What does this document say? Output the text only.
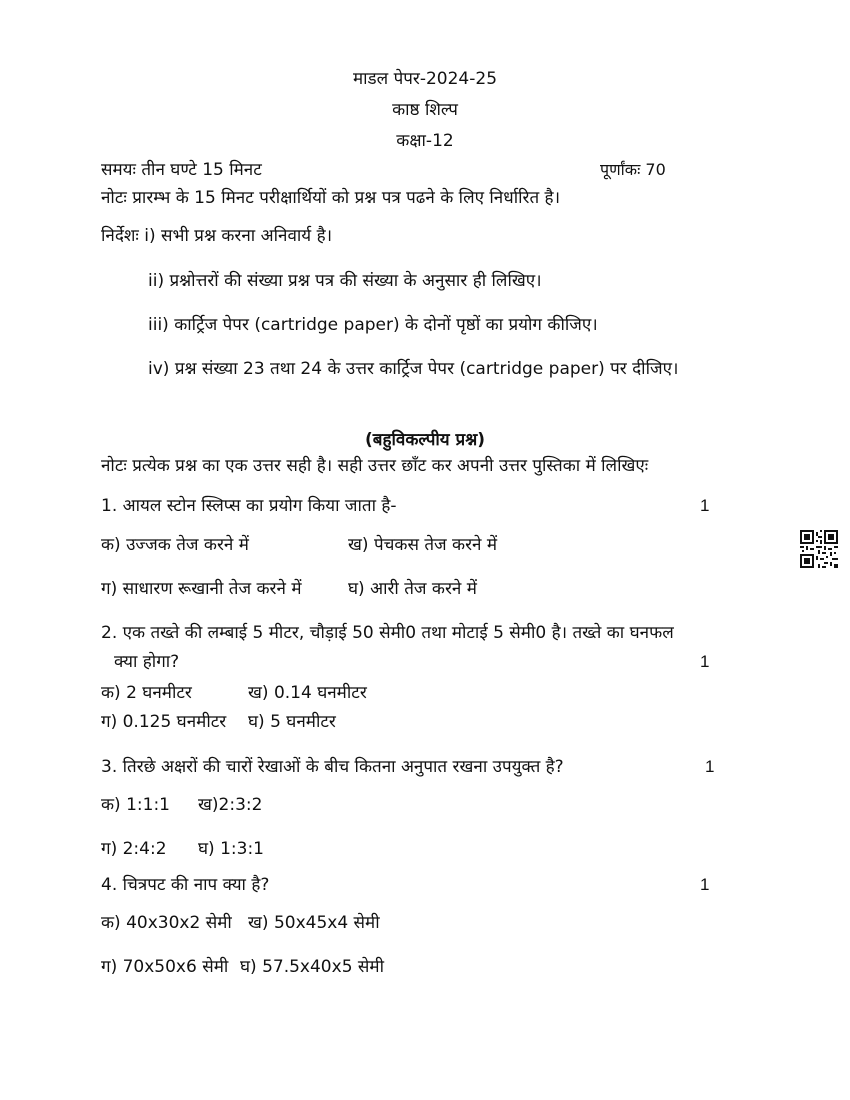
माडल पेपर-2024-25
काष्ठ शिल्प
कक्षा-12
समयः तीन घण्टे 15 मिनट	पूर्णांकः 70
नोटः प्रारम्भ के 15 मिनट परीक्षार्थियों को प्रश्न पत्र पढने के लिए निर्धारित है।
निर्देशः i) सभी प्रश्न करना अनिवार्य है।
ii) प्रश्नोत्तरों की संख्या प्रश्न पत्र की संख्या के अनुसार ही लिखिए।
iii) कार्ट्रिज पेपर (cartridge paper) के दोनों पृष्ठों का प्रयोग कीजिए।
iv) प्रश्न संख्या 23 तथा 24 के उत्तर कार्ट्रिज पेपर (cartridge paper) पर दीजिए।
(बहुविकल्पीय प्रश्न)
नोटः प्रत्येक प्रश्न का एक उत्तर सही है। सही उत्तर छाँट कर अपनी उत्तर पुस्तिका में लिखिएः
1. आयल स्टोन स्लिप्स का प्रयोग किया जाता है-	1
क) उज्जक तेज करने में	ख) पेचकस तेज करने में
ग) साधारण रूखानी तेज करने में	घ) आरी तेज करने में
2. एक तख्ते की लम्बाई 5 मीटर, चौड़ाई 50 सेमी0 तथा मोटाई 5 सेमी0 है। तख्ते का घनफल
क्या होगा?	1
क) 2 घनमीटर	ख) 0.14 घनमीटर
ग) 0.125 घनमीटर घ) 5 घनमीटर
3. तिरछे अक्षरों की चारों रेखाओं के बीच कितना अनुपात रखना उपयुक्त है?	1
क) 1:1:1 ख)2:3:2
ग) 2:4:2 घ) 1:3:1
4. चित्रपट की नाप क्या है?	1
क) 40x30x2 सेमी ख) 50x45x4 सेमी
ग) 70x50x6 सेमी घ) 57.5x40x5 सेमी
